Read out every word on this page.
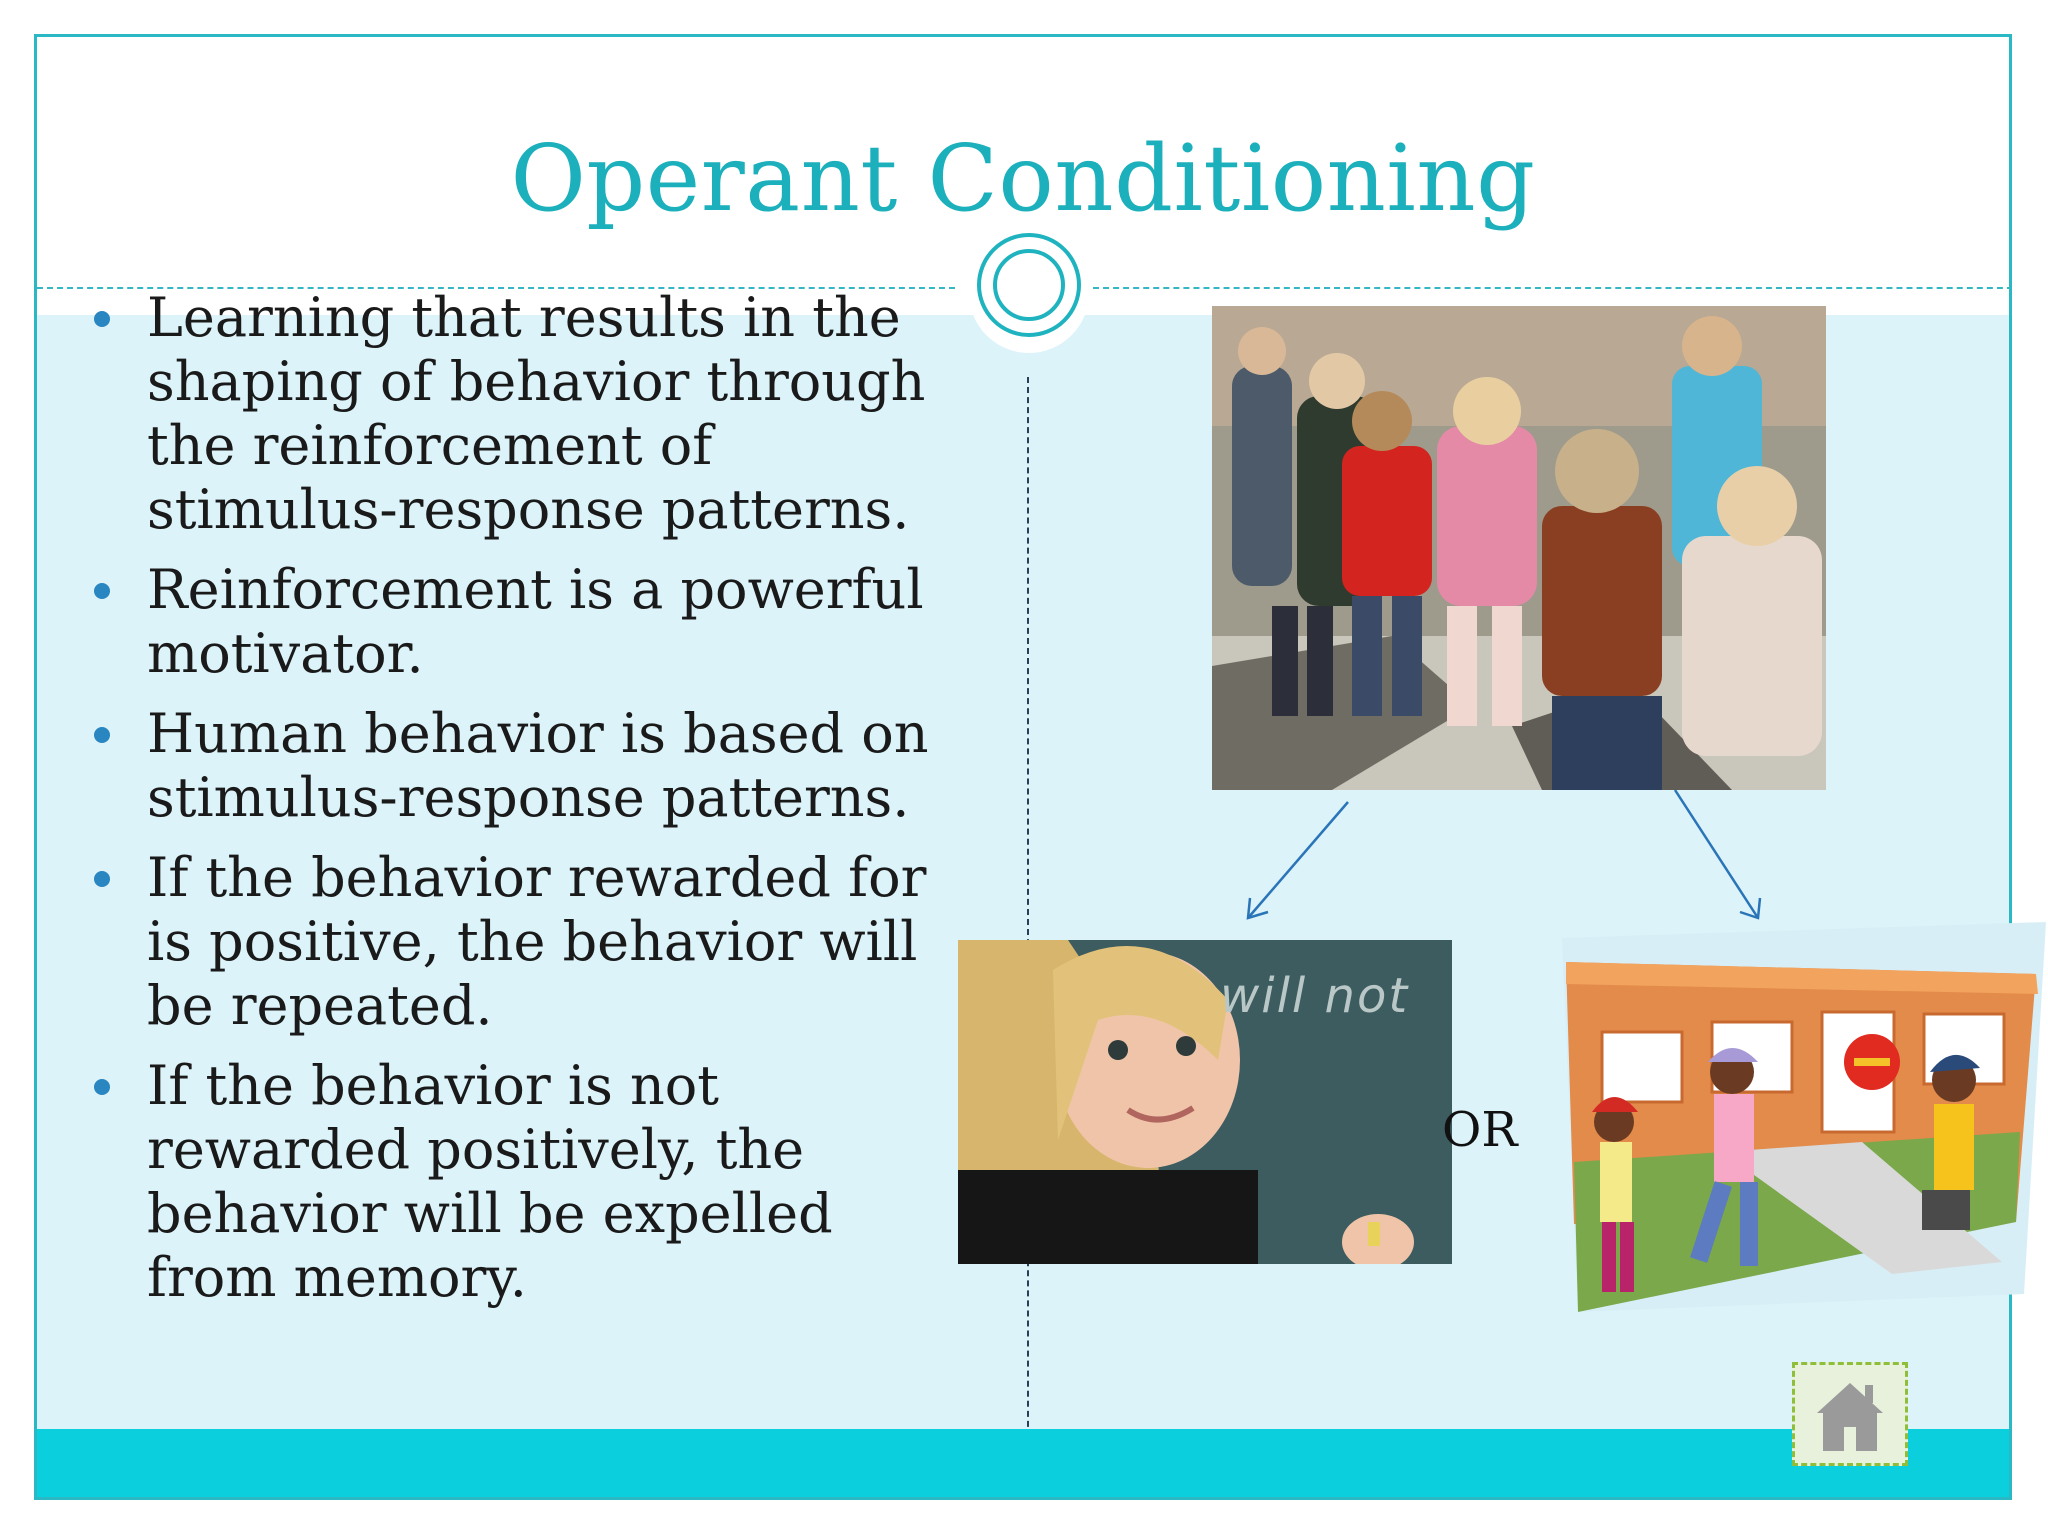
Operant Conditioning
Learning that results in the shaping of behavior through the reinforcement of stimulus-response patterns.
Reinforcement is a powerful motivator.
Human behavior is based on stimulus-response patterns.
If the behavior rewarded for is positive, the behavior will be repeated.
If the behavior is not rewarded positively, the behavior will be expelled from memory.
will not
OR
